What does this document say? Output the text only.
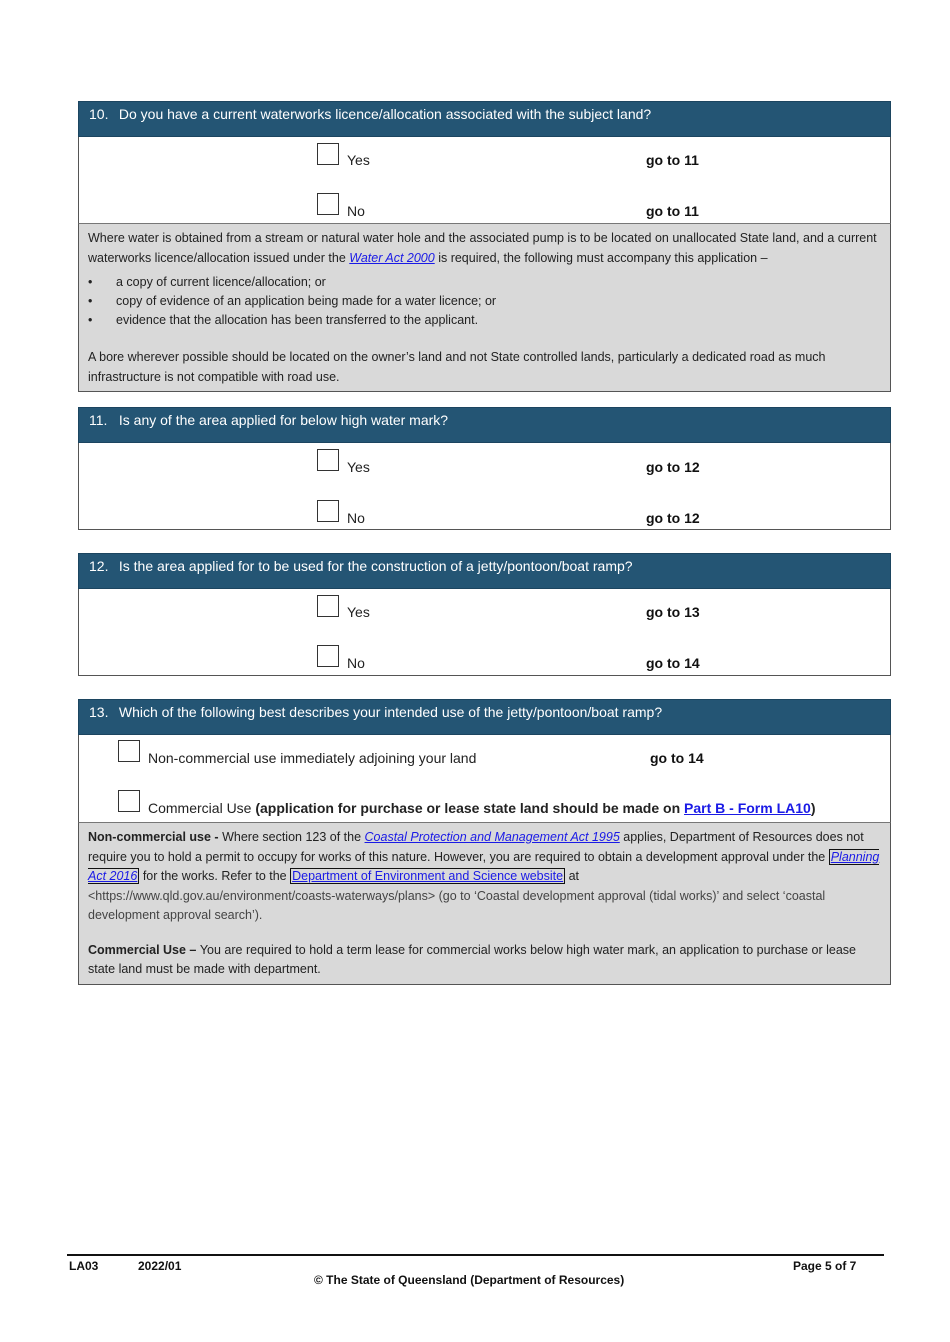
10. Do you have a current waterworks licence/allocation associated with the subject land?
Yes	go to 11
No	go to 11

Where water is obtained from a stream or natural water hole and the associated pump is to be located on unallocated State land, and a current waterworks licence/allocation issued under the Water Act 2000 is required, the following must accompany this application –

• a copy of current licence/allocation; or
• copy of evidence of an application being made for a water licence; or
• evidence that the allocation has been transferred to the applicant.

A bore wherever possible should be located on the owner’s land and not State controlled lands, particularly a dedicated road as much infrastructure is not compatible with road use.

11. Is any of the area applied for below high water mark?
Yes	go to 12
No	go to 12
12. Is the area applied for to be used for the construction of a jetty/pontoon/boat ramp?
Yes	go to 13
No	go to 14
13. Which of the following best describes your intended use of the jetty/pontoon/boat ramp?
Non-commercial use immediately adjoining your land	go to 14
Commercial Use (application for purchase or lease state land should be made on Part B - Form LA10)

Non-commercial use - Where section 123 of the Coastal Protection and Management Act 1995 applies, Department of Resources does not require you to hold a permit to occupy for works of this nature. However, you are required to obtain a development approval under the Planning Act 2016 for the works. Refer to the Department of Environment and Science website at
<https://www.qld.gov.au/environment/coasts-waterways/plans> (go to ‘Coastal development approval (tidal works)’ and select ‘coastal development approval search’).

Commercial Use – You are required to hold a term lease for commercial works below high water mark, an application to purchase or lease state land must be made with department.

LA03	2022/01	Page 5 of 7
© The State of Queensland (Department of Resources)
